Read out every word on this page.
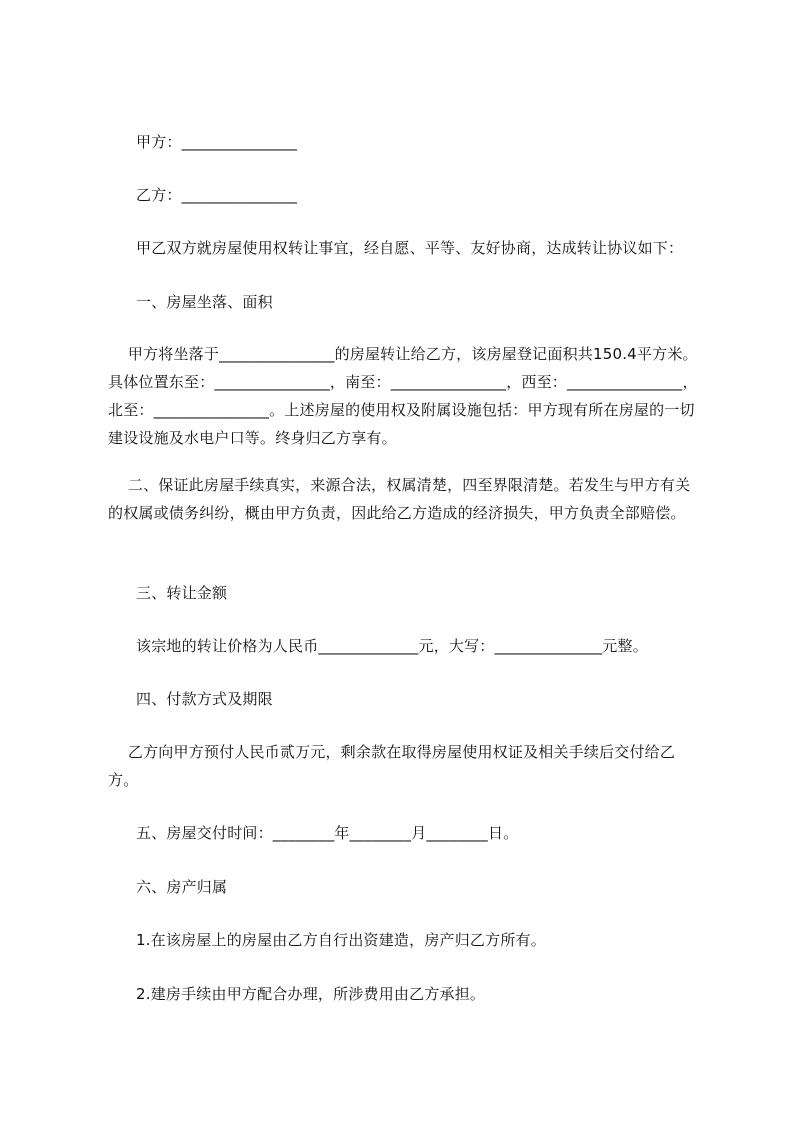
甲方：_______________
乙方：_______________
甲乙双方就房屋使用权转让事宜，经自愿、平等、友好协商，达成转让协议如下：
一、房屋坐落、面积
甲方将坐落于_______________的房屋转让给乙方，该房屋登记面积共150.4平方米。具体位置东至：_______________，南至：_______________，西至：_______________，北至：_______________。上述房屋的使用权及附属设施包括：甲方现有所在房屋的一切建设设施及水电户口等。终身归乙方享有。
二、保证此房屋手续真实，来源合法，权属清楚，四至界限清楚。若发生与甲方有关的权属或债务纠纷，概由甲方负责，因此给乙方造成的经济损失，甲方负责全部赔偿。
三、转让金额
该宗地的转让价格为人民币_____________元，大写：______________元整。
四、付款方式及期限
乙方向甲方预付人民币贰万元，剩余款在取得房屋使用权证及相关手续后交付给乙方。
五、房屋交付时间：________年________月________日。
六、房产归属
1.在该房屋上的房屋由乙方自行出资建造，房产归乙方所有。
2.建房手续由甲方配合办理，所涉费用由乙方承担。
